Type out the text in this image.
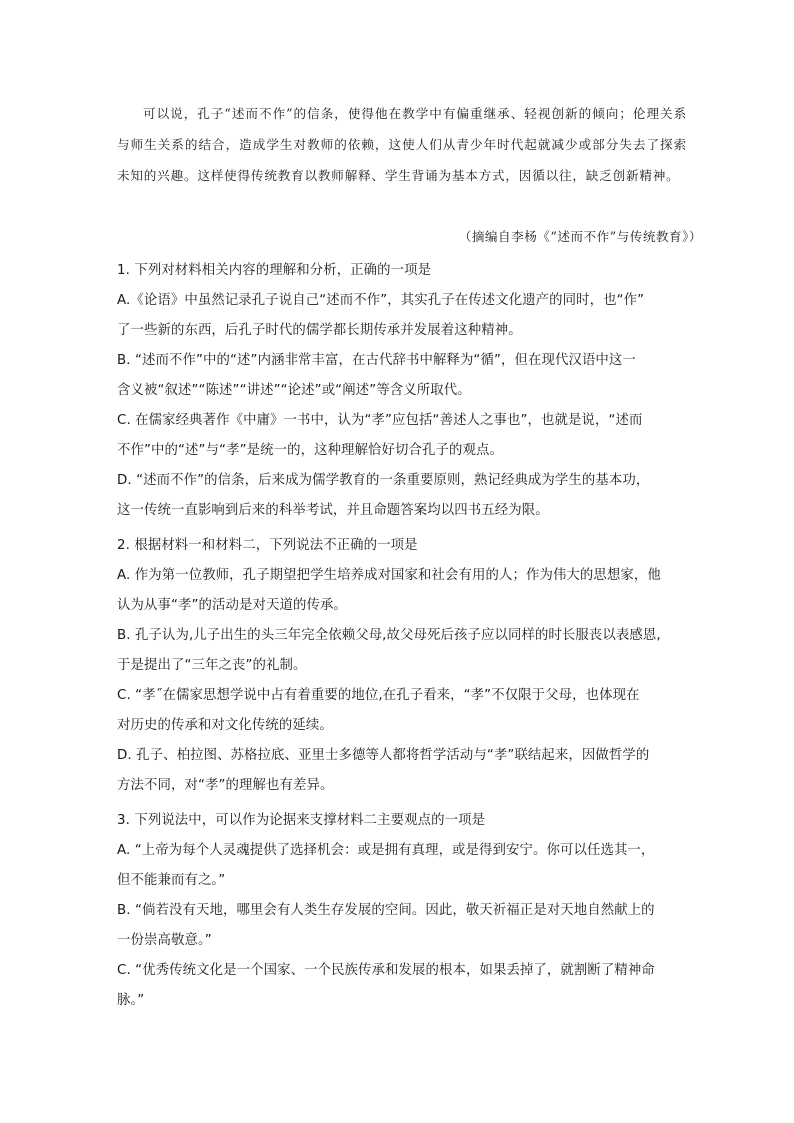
可以说，孔子“述而不作”的信条，使得他在教学中有偏重继承、轻视创新的倾向；伦理关系与师生关系的结合，造成学生对教师的依赖，这使人们从青少年时代起就减少或部分失去了探索未知的兴趣。这样使得传统教育以教师解释、学生背诵为基本方式，因循以往，缺乏创新精神。

（摘编自李杨《“述而不作”与传统教育》）

1. 下列对材料相关内容的理解和分析，正确的一项是

A.《论语》中虽然记录孔子说自己“述而不作”，其实孔子在传述文化遗产的同时，也“作”
了一些新的东西，后孔子时代的儒学都长期传承并发展着这种精神。

B. “述而不作”中的“述”内涵非常丰富，在古代辞书中解释为“循”，但在现代汉语中这一
含义被“叙述”“陈述”“讲述”“论述”或“阐述”等含义所取代。

C. 在儒家经典著作《中庸》一书中，认为“孝”应包括“善述人之事也”，也就是说，“述而
不作”中的“述”与“孝”是统一的，这种理解恰好切合孔子的观点。

D. “述而不作”的信条，后来成为儒学教育的一条重要原则，熟记经典成为学生的基本功，
这一传统一直影响到后来的科举考试，并且命题答案均以四书五经为限。

2. 根据材料一和材料二，下列说法不正确的一项是

A. 作为第一位教师，孔子期望把学生培养成对国家和社会有用的人；作为伟大的思想家，他
认为从事“孝”的活动是对天道的传承。

B. 孔子认为,儿子出生的头三年完全依赖父母,故父母死后孩子应以同样的时长服丧以表感恩,
于是提出了“三年之丧”的礼制。

C. “孝˝在儒家思想学说中占有着重要的地位,在孔子看来，“孝”不仅限于父母，也体现在
对历史的传承和对文化传统的延续。

D. 孔子、柏拉图、苏格拉底、亚里士多德等人都将哲学活动与“孝”联结起来，因做哲学的
方法不同，对“孝”的理解也有差异。

3. 下列说法中，可以作为论据来支撑材料二主要观点的一项是

A. “上帝为每个人灵魂提供了选择机会：或是拥有真理，或是得到安宁。你可以任选其一，
但不能兼而有之。”

B. “倘若没有天地，哪里会有人类生存发展的空间。因此，敬天祈福正是对天地自然献上的
一份崇高敬意。”

C. “优秀传统文化是一个国家、一个民族传承和发展的根本，如果丢掉了，就割断了精神命
脉。”
